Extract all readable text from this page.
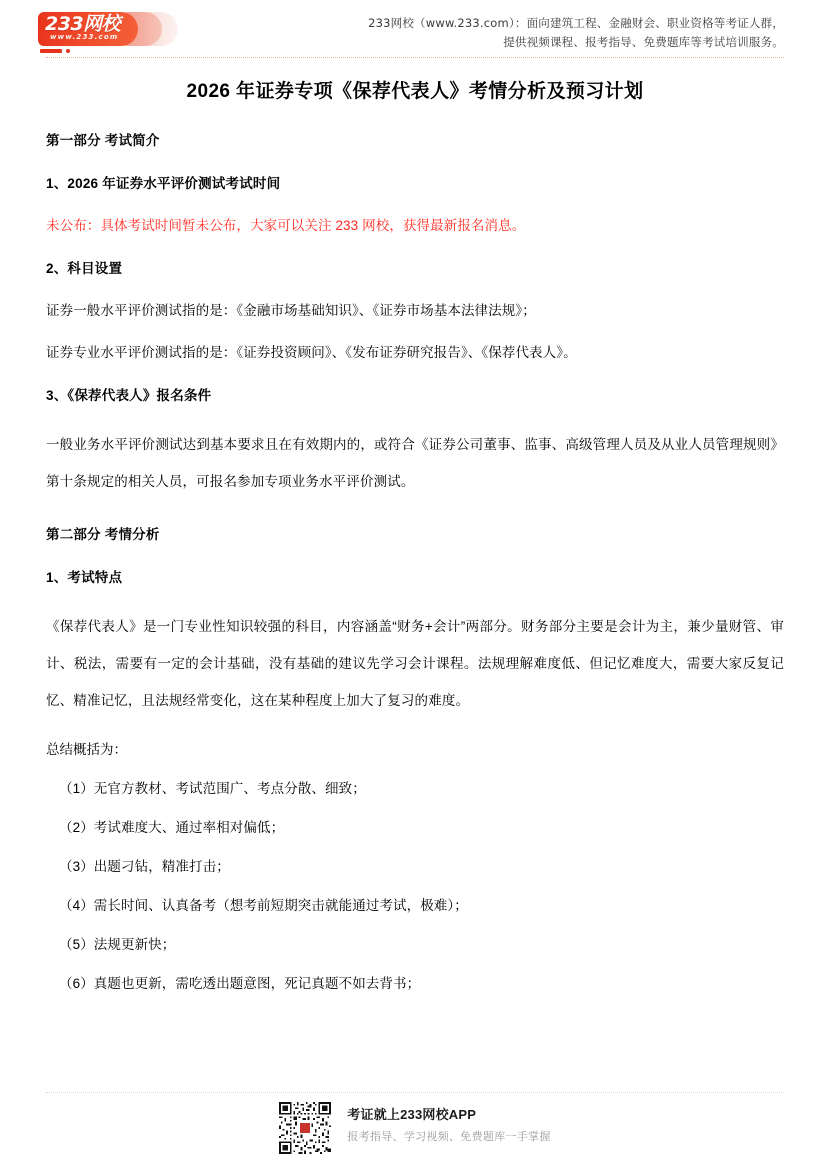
233网校
www.233.com
233网校（www.233.com）：面向建筑工程、金融财会、职业资格等考证人群，
提供视频课程、报考指导、免费题库等考试培训服务。
2026 年证券专项《保荐代表人》考情分析及预习计划
第一部分 考试简介
1、2026 年证券水平评价测试考试时间

未公布：具体考试时间暂未公布，大家可以关注 233 网校，获得最新报名消息。

2、科目设置

证券一般水平评价测试指的是：《金融市场基础知识》、《证券市场基本法律法规》；

证券专业水平评价测试指的是：《证券投资顾问》、《发布证券研究报告》、《保荐代表人》。

3、《保荐代表人》报名条件

一般业务水平评价测试达到基本要求且在有效期内的，或符合《证券公司董事、监事、高级管理人员及从业人员管理规则》第十条规定的相关人员，可报名参加专项业务水平评价测试。

第二部分 考情分析
1、考试特点

《保荐代表人》是一门专业性知识较强的科目，内容涵盖“财务+会计”两部分。财务部分主要是会计为主，兼少量财管、审计、税法，需要有一定的会计基础，没有基础的建议先学习会计课程。法规理解难度低、但记忆难度大，需要大家反复记忆、精准记忆，且法规经常变化，这在某种程度上加大了复习的难度。

总结概括为：

（1）无官方教材、考试范围广、考点分散、细致；

（2）考试难度大、通过率相对偏低；

（3）出题刁钻，精准打击；

（4）需长时间、认真备考（想考前短期突击就能通过考试，极难）；

（5）法规更新快；

（6）真题也更新，需吃透出题意图，死记真题不如去背书；

考证就上233网校APP
报考指导、学习视频、免费题库一手掌握
